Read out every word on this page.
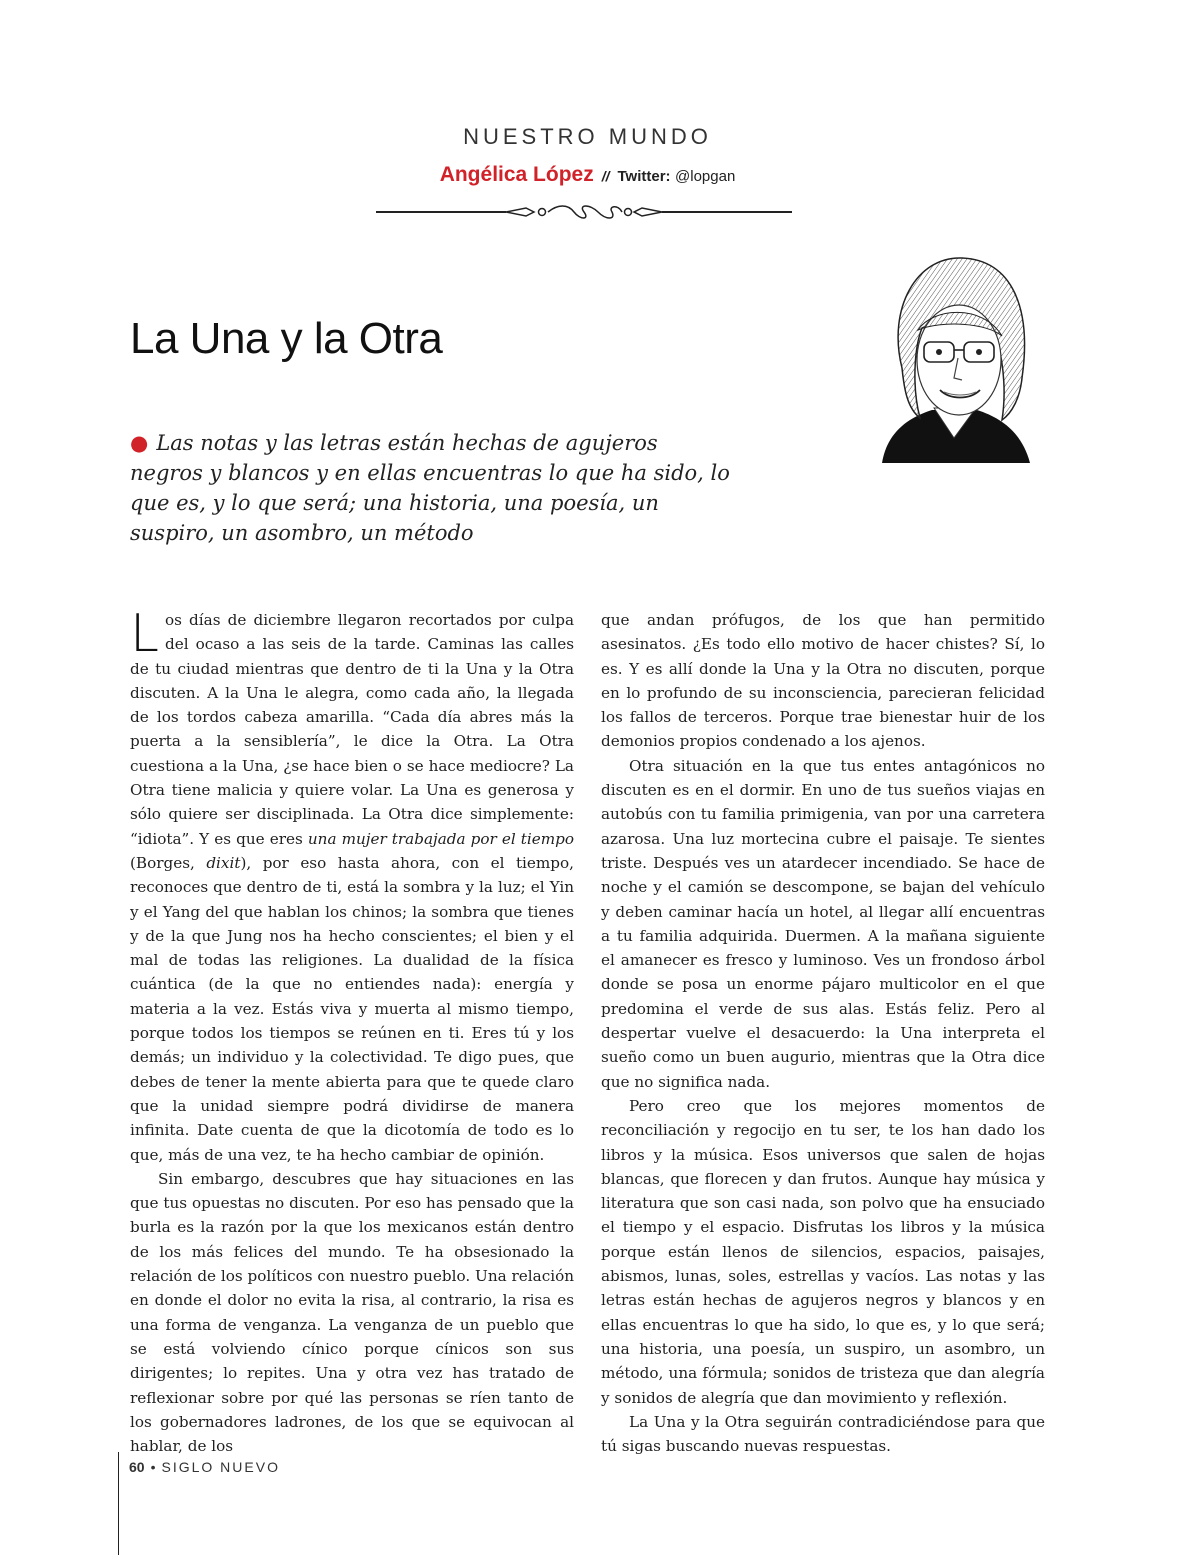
NUESTRO MUNDO
Angélica López // Twitter: @lopgan
La Una y la Otra

● Las notas y las letras están hechas de agujeros negros y blancos y en ellas encuentras lo que ha sido, lo que es, y lo que será; una historia, una poesía, un suspiro, un asombro, un método

Los días de diciembre llegaron recortados por culpa del ocaso a las seis de la tarde. Caminas las calles de tu ciudad mientras que dentro de ti la Una y la Otra discuten. A la Una le alegra, como cada año, la llegada de los tordos cabeza amarilla. “Cada día abres más la puerta a la sensiblería”, le dice la Otra. La Otra cuestiona a la Una, ¿se hace bien o se hace mediocre? La Otra tiene malicia y quiere volar. La Una es generosa y sólo quiere ser disciplinada. La Otra dice simplemente: “idiota”. Y es que eres una mujer trabajada por el tiempo (Borges, dixit), por eso hasta ahora, con el tiempo, reconoces que dentro de ti, está la sombra y la luz; el Yin y el Yang del que hablan los chinos; la sombra que tienes y de la que Jung nos ha hecho conscientes; el bien y el mal de todas las religiones. La dualidad de la física cuántica (de la que no entiendes nada): energía y materia a la vez. Estás viva y muerta al mismo tiempo, porque todos los tiempos se reúnen en ti. Eres tú y los demás; un individuo y la colectividad. Te digo pues, que debes de tener la mente abierta para que te quede claro que la unidad siempre podrá dividirse de manera infinita. Date cuenta de que la dicotomía de todo es lo que, más de una vez, te ha hecho cambiar de opinión.

Sin embargo, descubres que hay situaciones en las que tus opuestas no discuten. Por eso has pensado que la burla es la razón por la que los mexicanos están dentro de los más felices del mundo. Te ha obsesionado la relación de los políticos con nuestro pueblo. Una relación en donde el dolor no evita la risa, al contrario, la risa es una forma de venganza. La venganza de un pueblo que se está volviendo cínico porque cínicos son sus dirigentes; lo repites. Una y otra vez has tratado de reflexionar sobre por qué las personas se ríen tanto de los gobernadores ladrones, de los que se equivocan al hablar, de los

que andan prófugos, de los que han permitido asesinatos. ¿Es todo ello motivo de hacer chistes? Sí, lo es. Y es allí donde la Una y la Otra no discuten, porque en lo profundo de su inconsciencia, parecieran felicidad los fallos de terceros. Porque trae bienestar huir de los demonios propios condenado a los ajenos.

Otra situación en la que tus entes antagónicos no discuten es en el dormir. En uno de tus sueños viajas en autobús con tu familia primigenia, van por una carretera azarosa. Una luz mortecina cubre el paisaje. Te sientes triste. Después ves un atardecer incendiado. Se hace de noche y el camión se descompone, se bajan del vehículo y deben caminar hacía un hotel, al llegar allí encuentras a tu familia adquirida. Duermen. A la mañana siguiente el amanecer es fresco y luminoso. Ves un frondoso árbol donde se posa un enorme pájaro multicolor en el que predomina el verde de sus alas. Estás feliz. Pero al despertar vuelve el desacuerdo: la Una interpreta el sueño como un buen augurio, mientras que la Otra dice que no significa nada.

Pero creo que los mejores momentos de reconciliación y regocijo en tu ser, te los han dado los libros y la música. Esos universos que salen de hojas blancas, que florecen y dan frutos. Aunque hay música y literatura que son casi nada, son polvo que ha ensuciado el tiempo y el espacio. Disfrutas los libros y la música porque están llenos de silencios, espacios, paisajes, abismos, lunas, soles, estrellas y vacíos. Las notas y las letras están hechas de agujeros negros y blancos y en ellas encuentras lo que ha sido, lo que es, y lo que será; una historia, una poesía, un suspiro, un asombro, un método, una fórmula; sonidos de tristeza que dan alegría y sonidos de alegría que dan movimiento y reflexión.

La Una y la Otra seguirán contradiciéndose para que tú sigas buscando nuevas respuestas.

60 • SIGLO NUEVO
